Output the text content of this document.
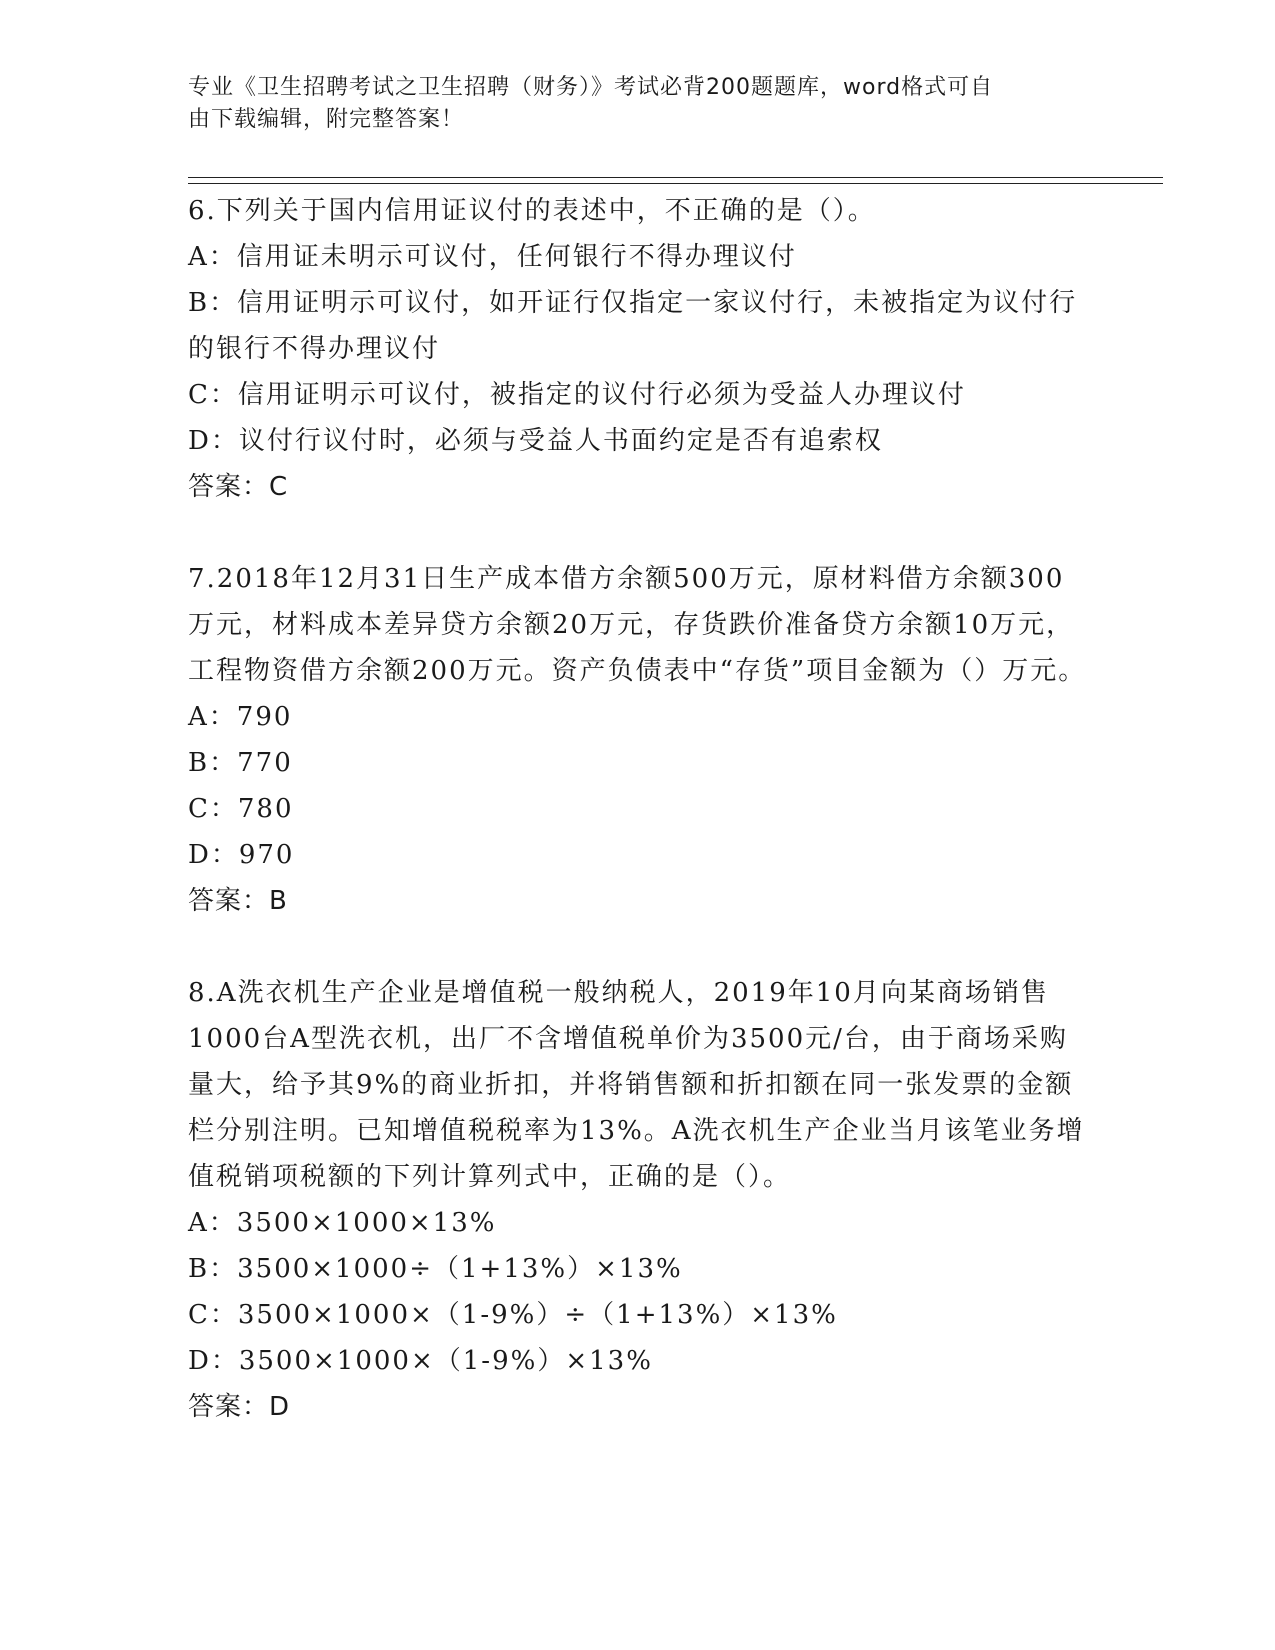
专业《卫生招聘考试之卫生招聘（财务）》考试必背200题题库，word格式可自
由下载编辑，附完整答案！
6.下列关于国内信用证议付的表述中，不正确的是（）。
A：信用证未明示可议付，任何银行不得办理议付
B：信用证明示可议付，如开证行仅指定一家议付行，未被指定为议付行的银行不得办理议付
C：信用证明示可议付，被指定的议付行必须为受益人办理议付
D：议付行议付时，必须与受益人书面约定是否有追索权
答案：C
7.2018年12月31日生产成本借方余额500万元，原材料借方余额300万元，材料成本差异贷方余额20万元，存货跌价准备贷方余额10万元，工程物资借方余额200万元。资产负债表中“存货”项目金额为（）万元。
A：790
B：770
C：780
D：970
答案：B
8.A洗衣机生产企业是增值税一般纳税人，2019年10月向某商场销售1000台A型洗衣机，出厂不含增值税单价为3500元/台，由于商场采购量大，给予其9%的商业折扣，并将销售额和折扣额在同一张发票的金额栏分别注明。已知增值税税率为13%。A洗衣机生产企业当月该笔业务增值税销项税额的下列计算列式中，正确的是（）。
A：3500×1000×13%
B：3500×1000÷（1+13%）×13%
C：3500×1000×（1-9%）÷（1+13%）×13%
D：3500×1000×（1-9%）×13%
答案：D
